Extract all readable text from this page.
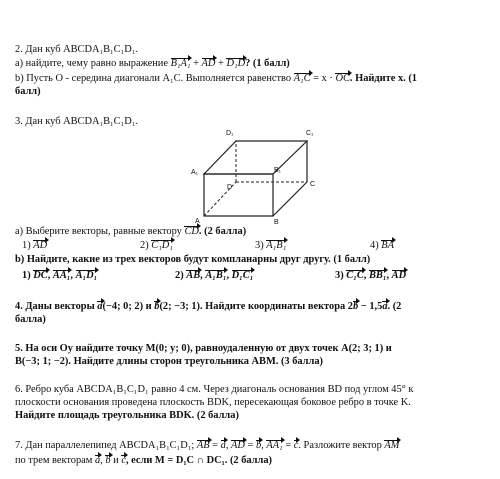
2. Дан куб ABCDA₁B₁C₁D₁.
a) найдите, чему равно выражение B₁A₁ + AD + D₁D? (1 балл)
b) Пусть О - середина диагонали A₁C. Выполняется равенство A₁C = x · OC. Найдите x. (1
балл)
3. Дан куб ABCDA₁B₁C₁D₁.
D₁	C₁
A₁	B₁
D	C
A	B
a) Выберите векторы, равные вектору CD. (2 балла)
1) AD	2) C₁D₁	3) A₁B₁	4) BA
b) Найдите, какие из трех векторов будут компланарны друг другу. (1 балл)
1) DC, AA₁, A₁D₁	2) AB, A₁B₁, D₁C₁	3) C₁C, BB₁, AD
4. Даны векторы a(−4; 0; 2) и b(2; −3; 1). Найдите координаты вектора 2b − 1,5a. (2
балла)
5. На оси Oy найдите точку M(0; y; 0), равноудаленную от двух точек A(2; 3; 1) и
B(−3; 1; −2). Найдите длины сторон треугольника ABM. (3 балла)
6. Ребро куба ABCDA₁B₁C₁D₁ равно 4 см. Через диагональ основания BD под углом 45° к
плоскости основания проведена плоскость BDK, пересекающая боковое ребро в точке K.
Найдите площадь треугольника BDK. (2 балла)
7. Дан параллелепипед ABCDA₁B₁C₁D₁; AB = a, AD = b, AA₁ = c. Разложите вектор AM
по трем векторам a, b и c, если M = D₁C ∩ DC₁. (2 балла)
